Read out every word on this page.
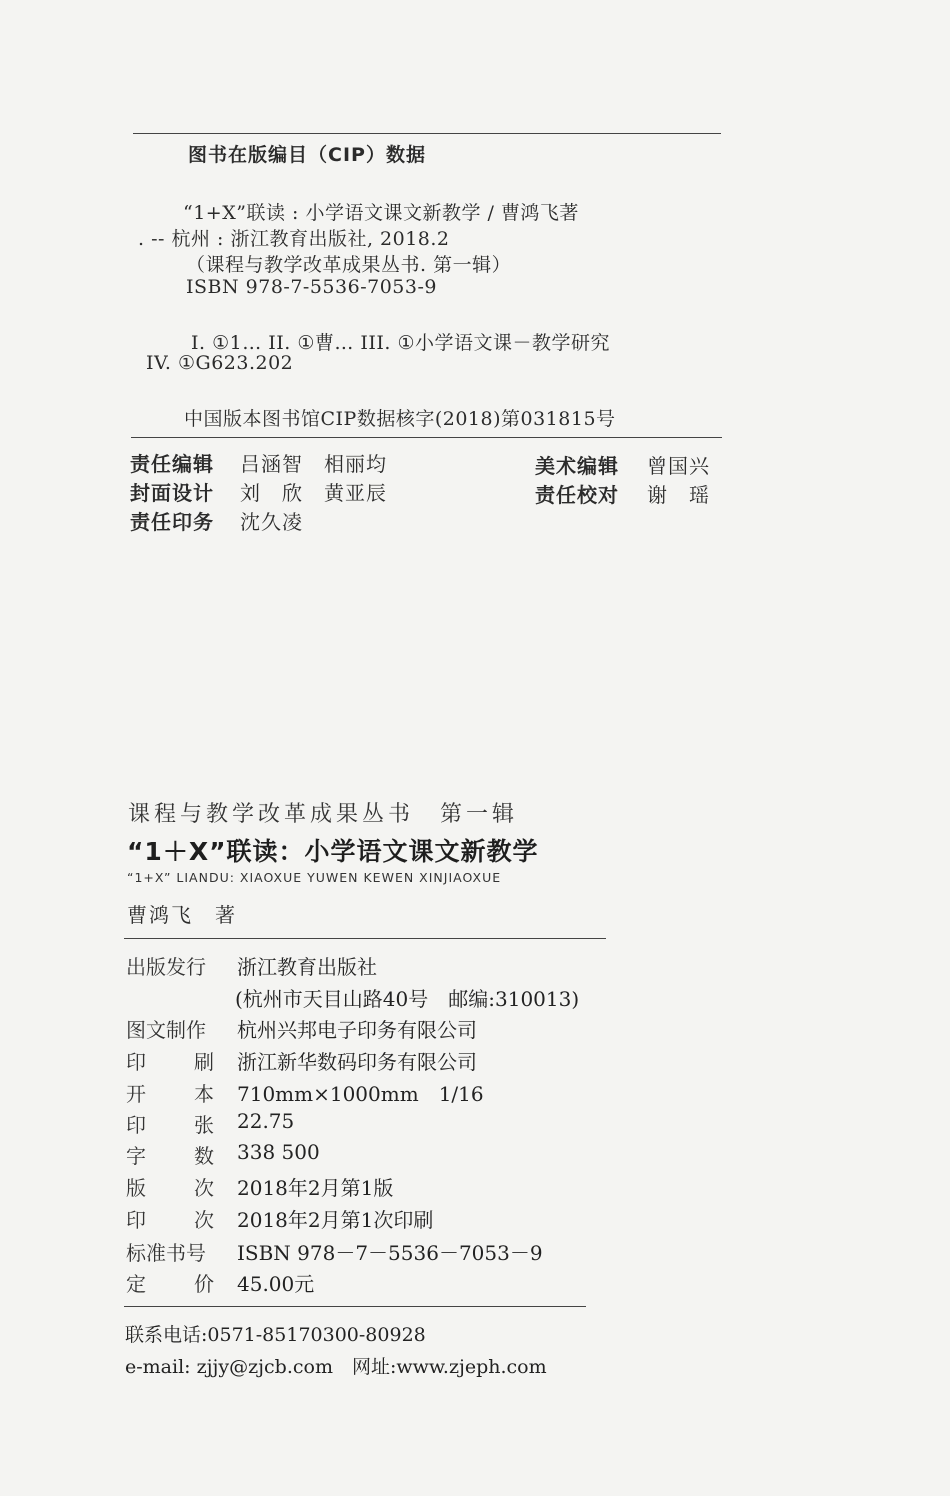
图书在版编目（CIP）数据
“1+X”联读 : 小学语文课文新教学 / 曹鸿飞著
. -- 杭州 : 浙江教育出版社, 2018.2
（课程与教学改革成果丛书. 第一辑）
ISBN 978-7-5536-7053-9
I. ①1… II. ①曹… III. ①小学语文课－教学研究
IV. ①G623.202
中国版本图书馆CIP数据核字(2018)第031815号
责任编辑 吕涵智　相丽均	美术编辑 曾国兴
封面设计 刘　欣　黄亚辰	责任校对 谢　瑶
责任印务 沈久凌
课程与教学改革成果丛书　第一辑
“1＋X”联读：小学语文课文新教学
“1+X” LIANDU: XIAOXUE YUWEN KEWEN XINJIAOXUE
曹鸿飞　著
出版发行 浙江教育出版社
(杭州市天目山路40号　邮编:310013)
图文制作 杭州兴邦电子印务有限公司
印 刷 浙江新华数码印务有限公司
开 本 710mm×1000mm　1/16
印 张 22.75
字 数 338 500
版 次 2018年2月第1版
印 次 2018年2月第1次印刷
标准书号 ISBN 978－7－5536－7053－9
定 价 45.00元
联系电话:0571-85170300-80928
e-mail: zjjy@zjcb.com　网址:www.zjeph.com
